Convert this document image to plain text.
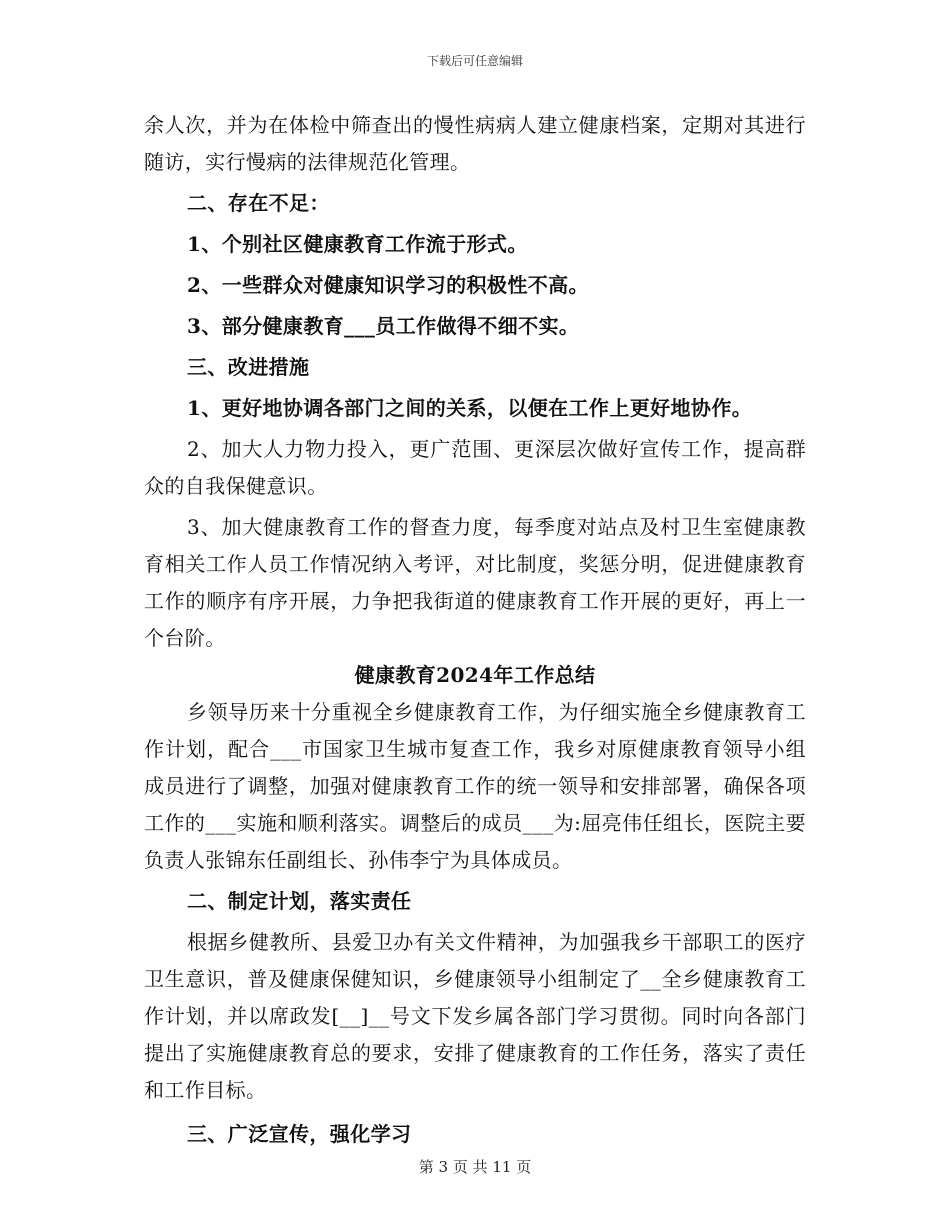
下载后可任意编辑

余人次，并为在体检中筛查出的慢性病病人建立健康档案，定期对其进行随访，实行慢病的法律规范化管理。

二、存在不足：

1、个别社区健康教育工作流于形式。

2、一些群众对健康知识学习的积极性不高。

3、部分健康教育___员工作做得不细不实。

三、改进措施

1、更好地协调各部门之间的关系，以便在工作上更好地协作。

2、加大人力物力投入，更广范围、更深层次做好宣传工作，提高群众的自我保健意识。

3、加大健康教育工作的督查力度，每季度对站点及村卫生室健康教育相关工作人员工作情况纳入考评，对比制度，奖惩分明，促进健康教育工作的顺序有序开展，力争把我街道的健康教育工作开展的更好，再上一个台阶。

健康教育2024年工作总结

乡领导历来十分重视全乡健康教育工作，为仔细实施全乡健康教育工作计划，配合___市国家卫生城市复查工作，我乡对原健康教育领导小组成员进行了调整，加强对健康教育工作的统一领导和安排部署，确保各项工作的___实施和顺利落实。调整后的成员___为:屈亮伟任组长，医院主要负责人张锦东任副组长、孙伟李宁为具体成员。

二、制定计划，落实责任

根据乡健教所、县爱卫办有关文件精神，为加强我乡干部职工的医疗卫生意识，普及健康保健知识，乡健康领导小组制定了__全乡健康教育工作计划，并以席政发[__]__号文下发乡属各部门学习贯彻。同时向各部门提出了实施健康教育总的要求，安排了健康教育的工作任务，落实了责任和工作目标。

三、广泛宣传，强化学习

第 3 页 共 11 页
